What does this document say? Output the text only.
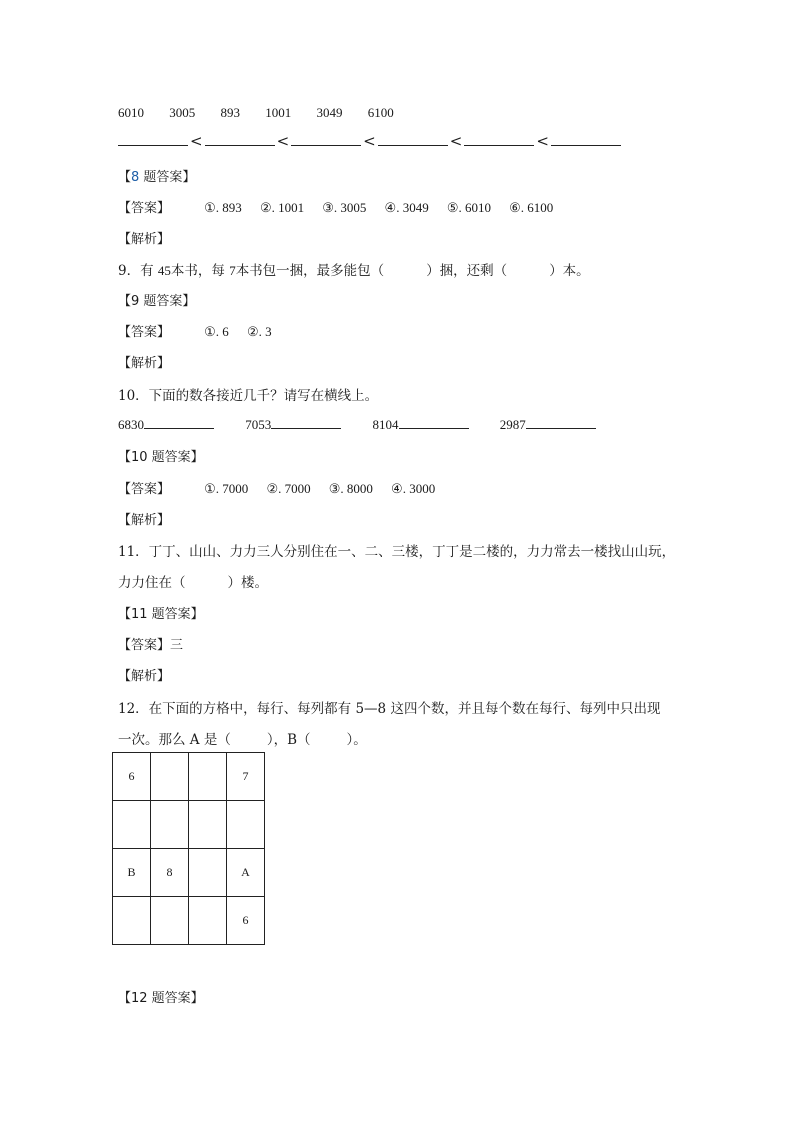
6010 3005 893 1001 3049 6100
<	<	<	<	<
【8 题答案】
【答案】	①. 893 ②. 1001 ③. 3005 ④. 3049 ⑤. 6010 ⑥. 6100
【解析】
9．有 45本书，每 7本书包一捆，最多能包（	）捆，还剩（	）本。
【9 题答案】
【答案】	①. 6 ②. 3
【解析】
10．下面的数各接近几千？请写在横线上。
6830	7053	8104	2987
【10 题答案】
【答案】	①. 7000 ②. 7000 ③. 8000 ④. 3000
【解析】
11．丁丁、山山、力力三人分别住在一、二、三楼，丁丁是二楼的，力力常去一楼找山山玩，
力力住在（	）楼。
【11 题答案】
【答案】三
【解析】
12．在下面的方格中，每行、每列都有 5—8 这四个数，并且每个数在每行、每列中只出现
一次。那么 A 是（	），B（	）。
6			7

B	8		A
			6
【12 题答案】
